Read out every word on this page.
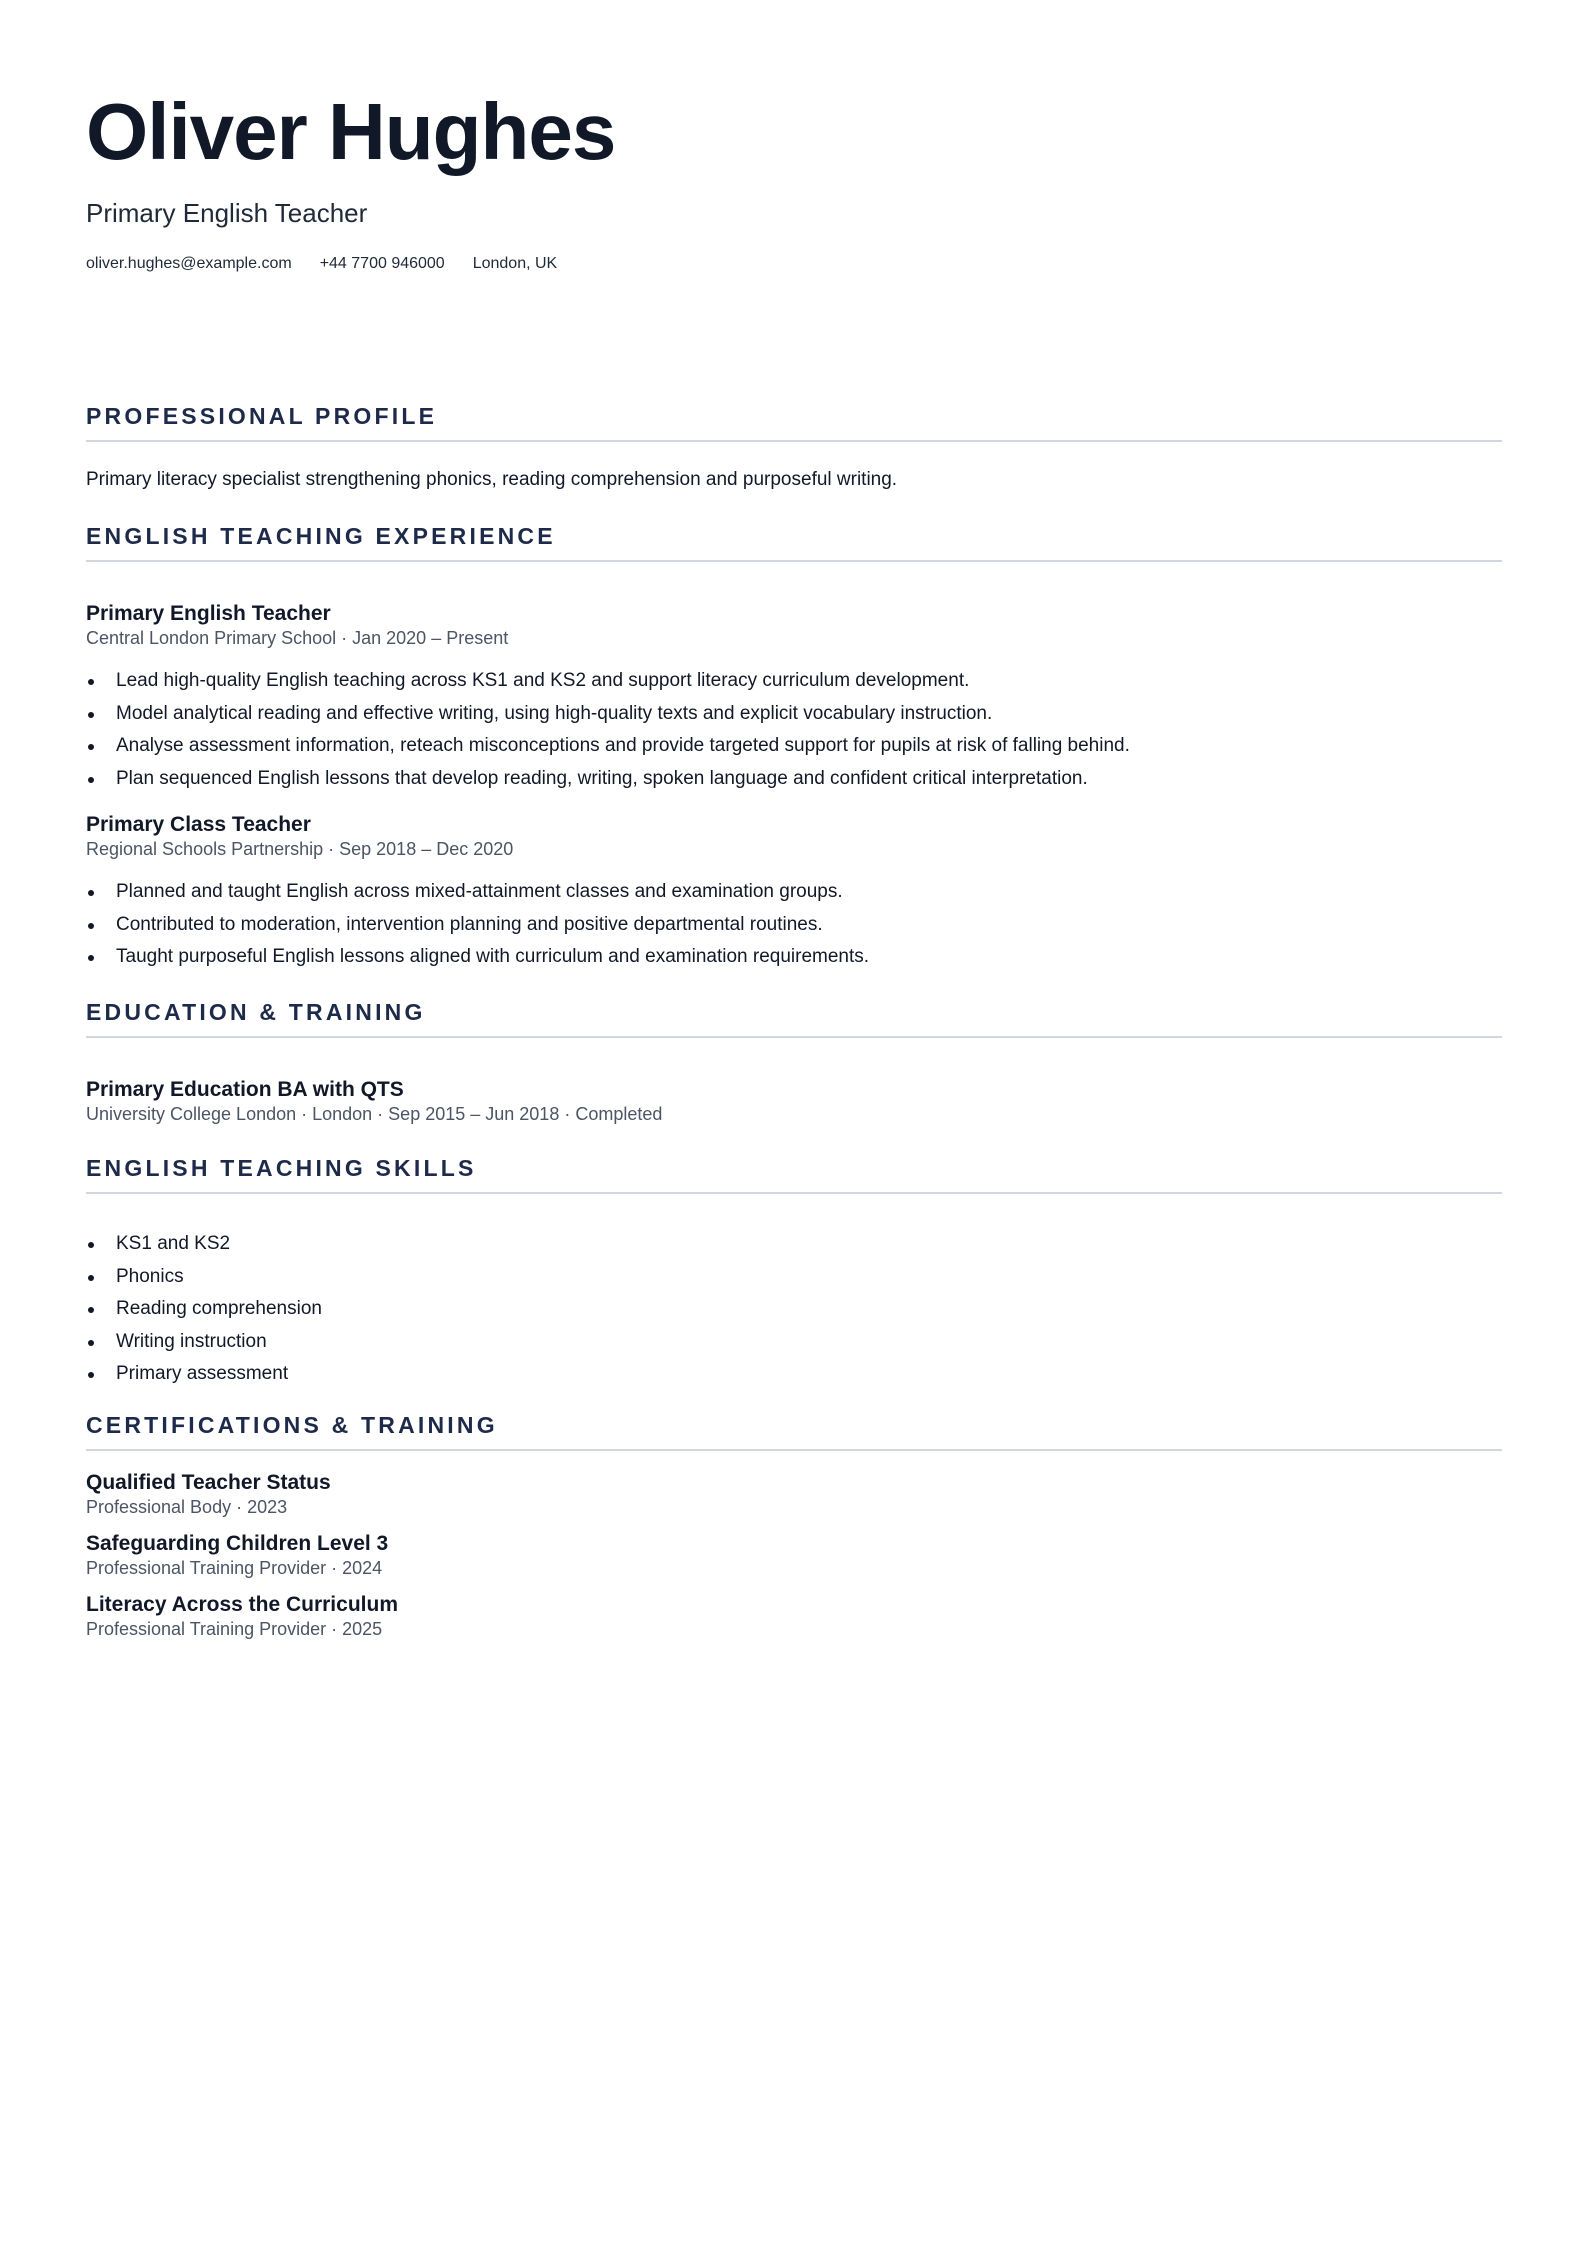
Oliver Hughes
Primary English Teacher
oliver.hughes@example.com +44 7700 946000 London, UK
PROFESSIONAL PROFILE
Primary literacy specialist strengthening phonics, reading comprehension and purposeful writing.
ENGLISH TEACHING EXPERIENCE
Primary English Teacher
Central London Primary School · Jan 2020 – Present
Lead high-quality English teaching across KS1 and KS2 and support literacy curriculum development.
Model analytical reading and effective writing, using high-quality texts and explicit vocabulary instruction.
Analyse assessment information, reteach misconceptions and provide targeted support for pupils at risk of falling behind.
Plan sequenced English lessons that develop reading, writing, spoken language and confident critical interpretation.
Primary Class Teacher
Regional Schools Partnership · Sep 2018 – Dec 2020
Planned and taught English across mixed-attainment classes and examination groups.
Contributed to moderation, intervention planning and positive departmental routines.
Taught purposeful English lessons aligned with curriculum and examination requirements.
EDUCATION & TRAINING
Primary Education BA with QTS
University College London · London · Sep 2015 – Jun 2018 · Completed
ENGLISH TEACHING SKILLS
KS1 and KS2
Phonics
Reading comprehension
Writing instruction
Primary assessment
CERTIFICATIONS & TRAINING
Qualified Teacher Status
Professional Body · 2023
Safeguarding Children Level 3
Professional Training Provider · 2024
Literacy Across the Curriculum
Professional Training Provider · 2025
